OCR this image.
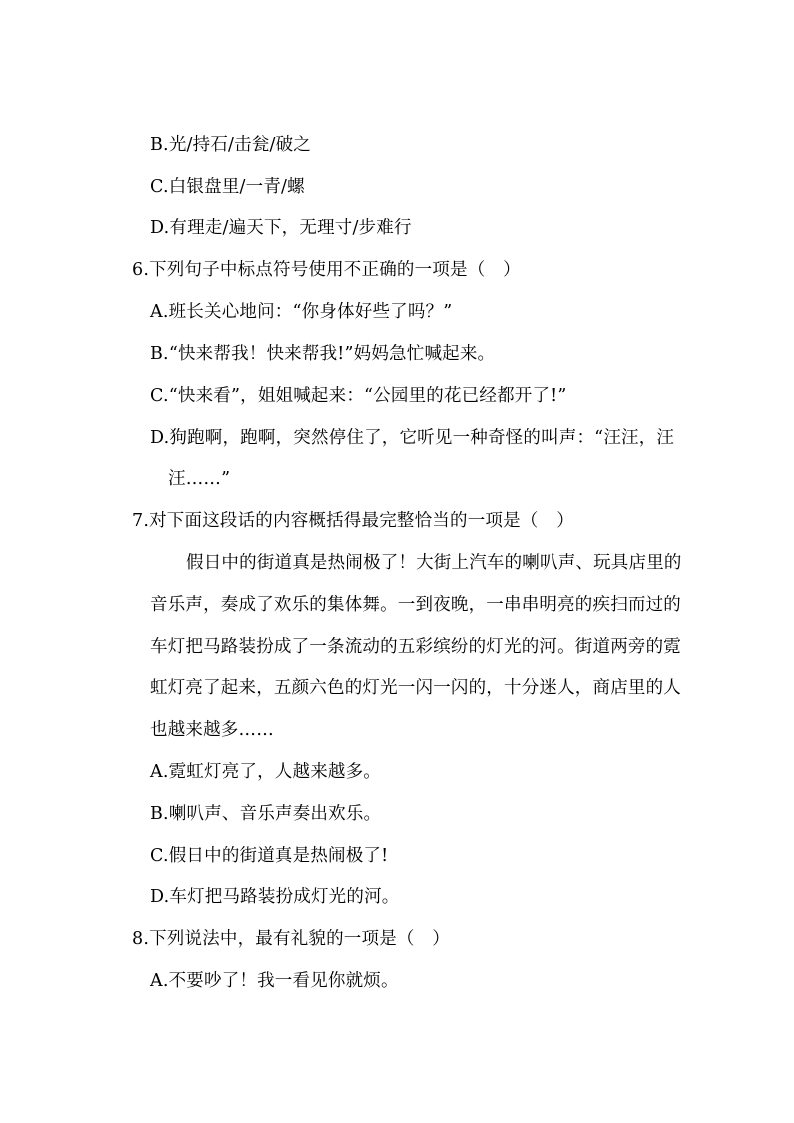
B.光/持石/击瓮/破之
C.白银盘里/一青/螺
D.有理走/遍天下，无理寸/步难行
6.下列句子中标点符号使用不正确的一项是（　）
A.班长关心地问：“你身体好些了吗？”
B.“快来帮我！快来帮我!”妈妈急忙喊起来。
C.“快来看”，姐姐喊起来：“公园里的花已经都开了!”
D.狗跑啊，跑啊，突然停住了，它听见一种奇怪的叫声：“汪汪，汪
汪……”
7.对下面这段话的内容概括得最完整恰当的一项是（　）
假日中的街道真是热闹极了！大街上汽车的喇叭声、玩具店里的
音乐声，奏成了欢乐的集体舞。一到夜晚，一串串明亮的疾扫而过的
车灯把马路装扮成了一条流动的五彩缤纷的灯光的河。街道两旁的霓
虹灯亮了起来，五颜六色的灯光一闪一闪的，十分迷人，商店里的人
也越来越多……
A.霓虹灯亮了，人越来越多。
B.喇叭声、音乐声奏出欢乐。
C.假日中的街道真是热闹极了!
D.车灯把马路装扮成灯光的河。
8.下列说法中，最有礼貌的一项是（　）
A.不要吵了！我一看见你就烦。
